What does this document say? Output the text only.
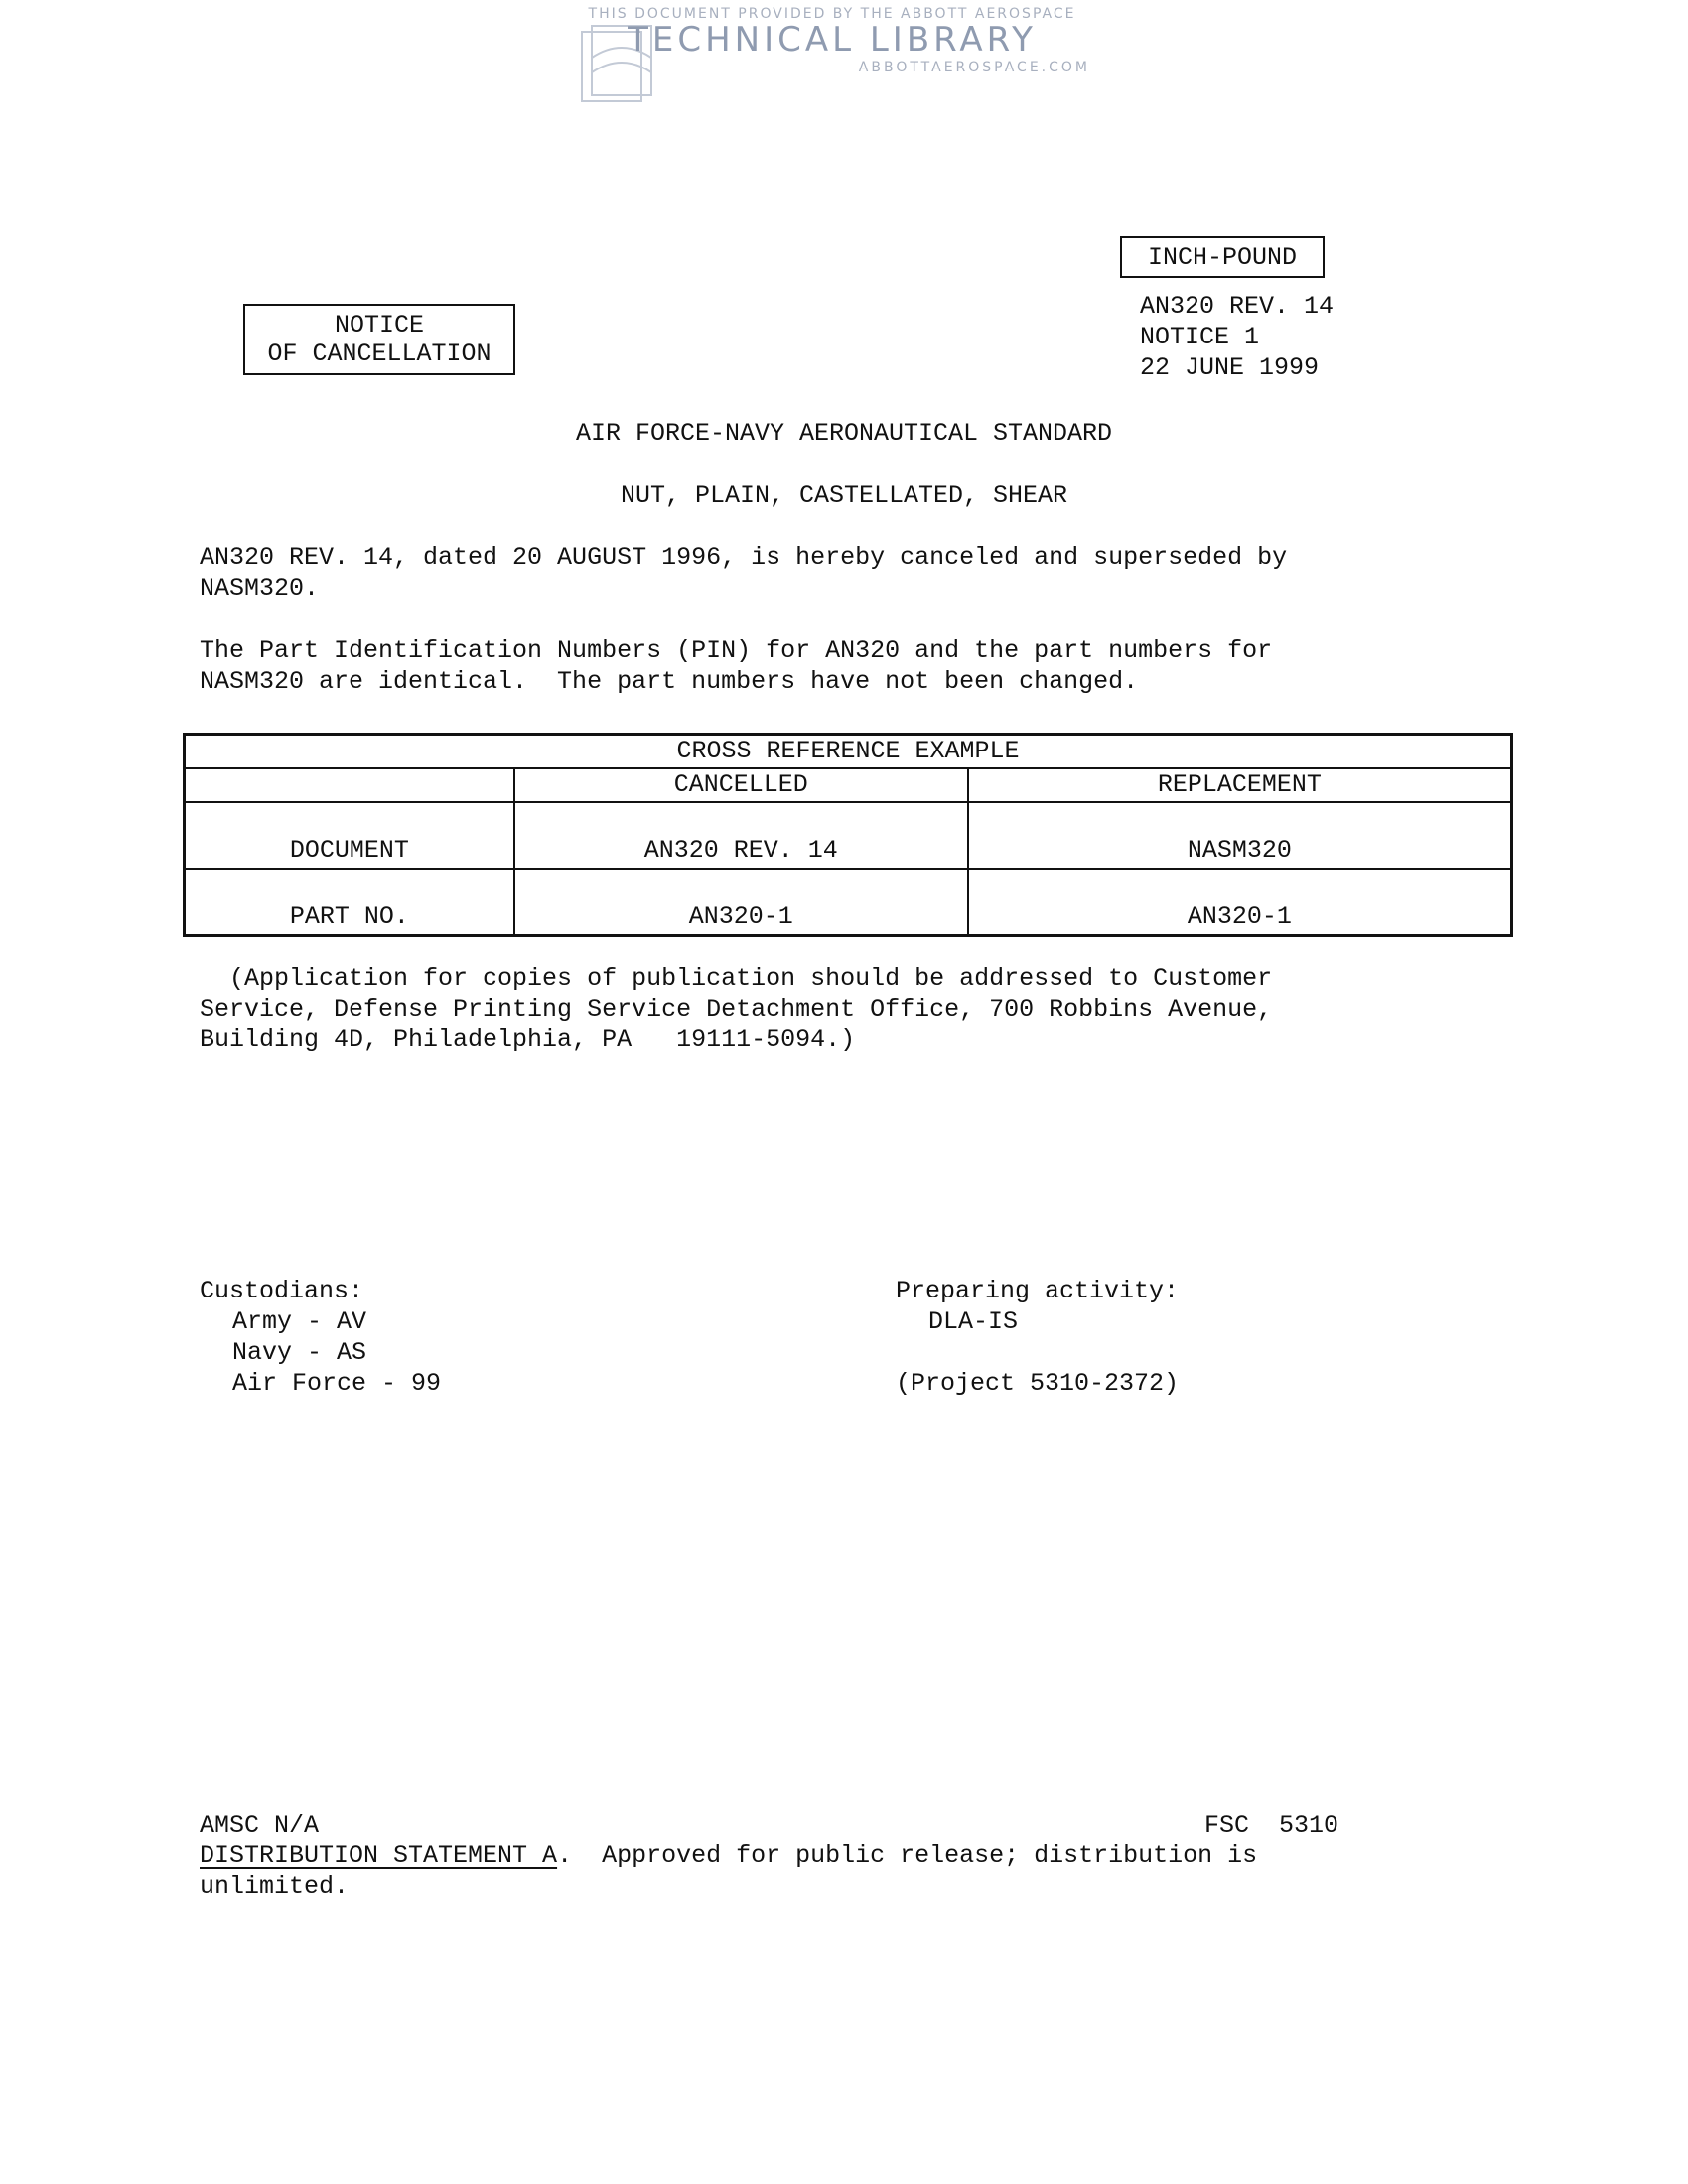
THIS DOCUMENT PROVIDED BY THE ABBOTT AEROSPACE
TECHNICAL LIBRARY
ABBOTTAEROSPACE.COM
INCH-POUND
NOTICE
OF CANCELLATION
AN320 REV. 14
NOTICE 1
22 JUNE 1999
AIR FORCE-NAVY AERONAUTICAL STANDARD
NUT, PLAIN, CASTELLATED, SHEAR
AN320 REV. 14, dated 20 AUGUST 1996, is hereby canceled and superseded by
NASM320.
The Part Identification Numbers (PIN) for AN320 and the part numbers for
NASM320 are identical.  The part numbers have not been changed.
CROSS REFERENCE EXAMPLE		
	CANCELLED	REPLACEMENT
DOCUMENT	AN320 REV. 14	NASM320
PART NO.	AN320-1	AN320-1
(Application for copies of publication should be addressed to Customer
Service, Defense Printing Service Detachment Office, 700 Robbins Avenue,
Building 4D, Philadelphia, PA   19111-5094.)
Custodians:
Army - AV
Navy - AS
Air Force - 99
Preparing activity:
DLA-IS
(Project 5310-2372)
AMSC N/A	FSC  5310
DISTRIBUTION STATEMENT A.  Approved for public release; distribution is
unlimited.
